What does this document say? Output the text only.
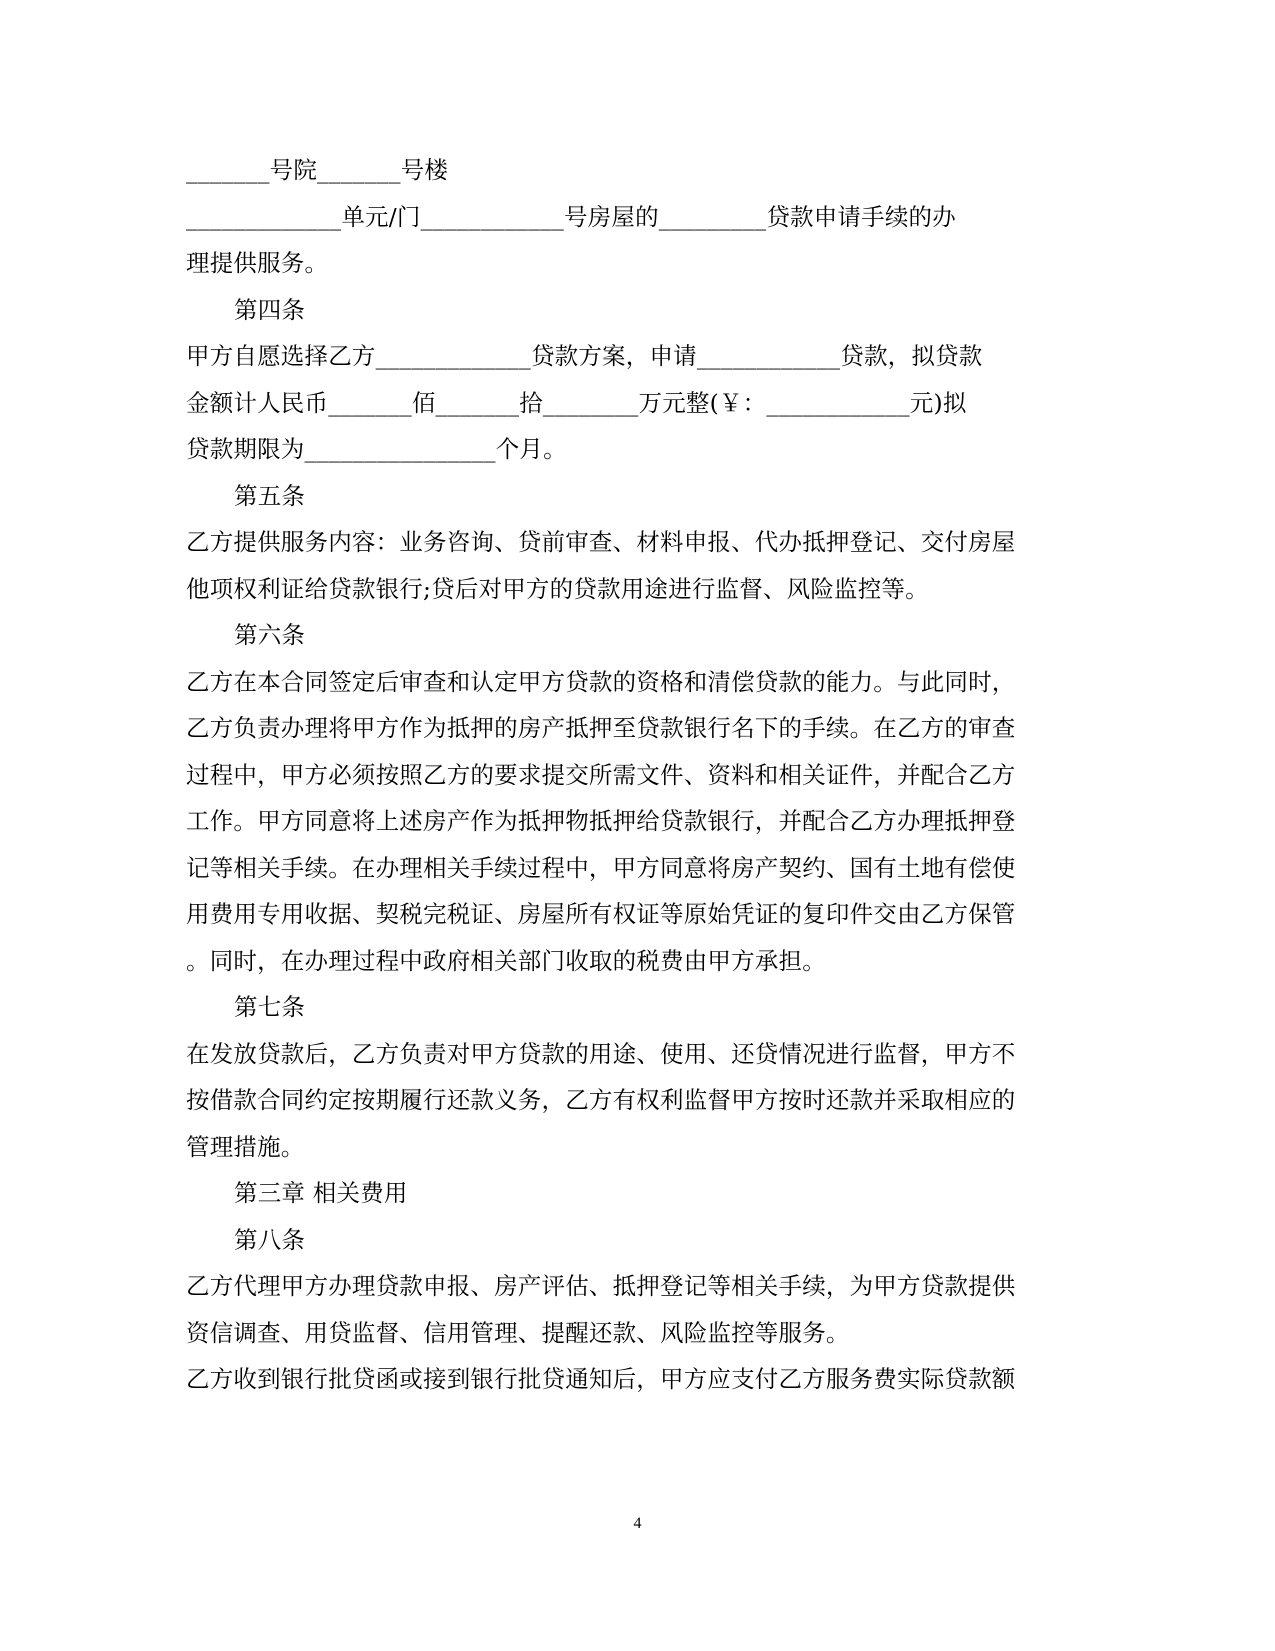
_______号院_______号楼
_____________单元/门____________号房屋的_________贷款申请手续的办
理提供服务。
第四条
甲方自愿选择乙方_____________贷款方案，申请____________贷款，拟贷款
金额计人民币_______佰_______拾________万元整(￥：____________元)拟
贷款期限为________________个月。
第五条
乙方提供服务内容：业务咨询、贷前审查、材料申报、代办抵押登记、交付房屋
他项权利证给贷款银行;贷后对甲方的贷款用途进行监督、风险监控等。
第六条
乙方在本合同签定后审查和认定甲方贷款的资格和清偿贷款的能力。与此同时，
乙方负责办理将甲方作为抵押的房产抵押至贷款银行名下的手续。在乙方的审查
过程中，甲方必须按照乙方的要求提交所需文件、资料和相关证件，并配合乙方
工作。甲方同意将上述房产作为抵押物抵押给贷款银行，并配合乙方办理抵押登
记等相关手续。在办理相关手续过程中，甲方同意将房产契约、国有土地有偿使
用费用专用收据、契税完税证、房屋所有权证等原始凭证的复印件交由乙方保管
。同时，在办理过程中政府相关部门收取的税费由甲方承担。
第七条
在发放贷款后，乙方负责对甲方贷款的用途、使用、还贷情况进行监督，甲方不
按借款合同约定按期履行还款义务，乙方有权利监督甲方按时还款并采取相应的
管理措施。
第三章 相关费用
第八条
乙方代理甲方办理贷款申报、房产评估、抵押登记等相关手续，为甲方贷款提供
资信调查、用贷监督、信用管理、提醒还款、风险监控等服务。
乙方收到银行批贷函或接到银行批贷通知后，甲方应支付乙方服务费实际贷款额
4
